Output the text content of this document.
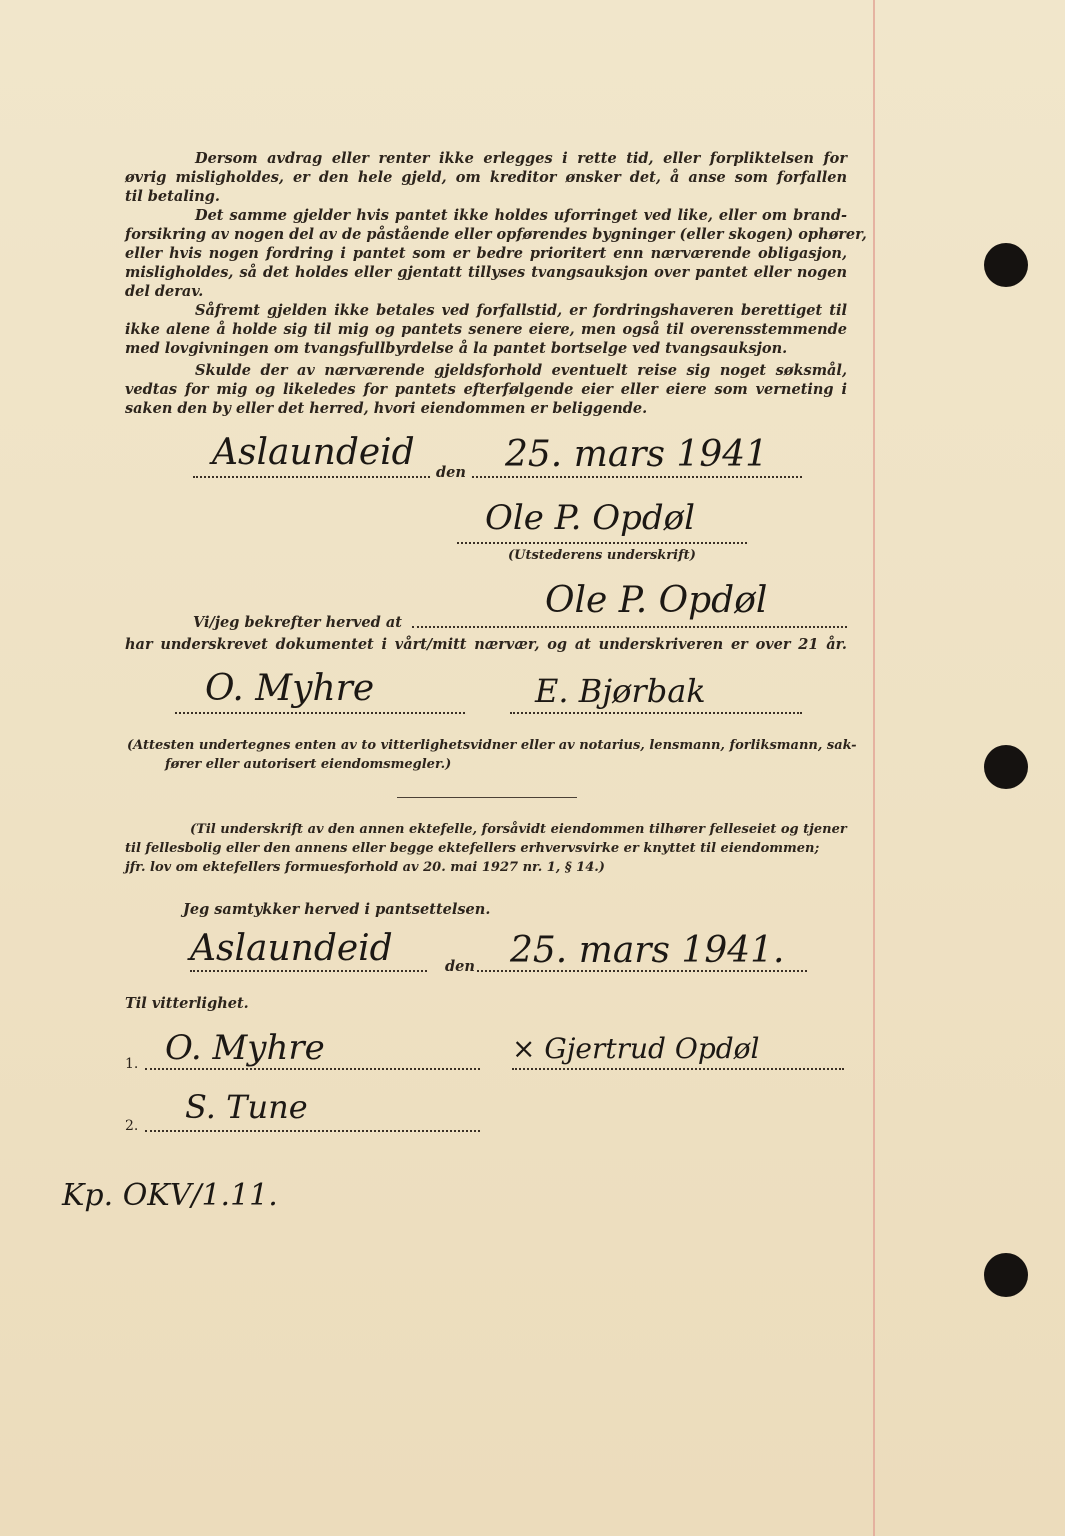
Dersom avdrag eller renter ikke erlegges i rette tid, eller forpliktelsen for
øvrig misligholdes, er den hele gjeld, om kreditor ønsker det, å anse som forfallen
til betaling.
Det samme gjelder hvis pantet ikke holdes uforringet ved like, eller om brand-
forsikring av nogen del av de påstående eller opførendes bygninger (eller skogen) ophører,
eller hvis nogen fordring i pantet som er bedre prioritert enn nærværende obligasjon,
misligholdes, så det holdes eller gjentatt tillyses tvangsauksjon over pantet eller nogen
del derav.
Såfremt gjelden ikke betales ved forfallstid, er fordringshaveren berettiget til
ikke alene å holde sig til mig og pantets senere eiere, men også til overensstemmende
med lovgivningen om tvangsfullbyrdelse å la pantet bortselge ved tvangsauksjon.
Skulde der av nærværende gjeldsforhold eventuelt reise sig noget søksmål,
vedtas for mig og likeledes for pantets efterfølgende eier eller eiere som verneting i
saken den by eller det herred, hvori eiendommen er beliggende.
Aslaundeid den 25. mars 1941
Ole P. Opdøl
(Utstederens underskrift)
Vi/jeg bekrefter herved at
Ole P. Opdøl
har underskrevet dokumentet i vårt/mitt nærvær, og at underskriveren er over 21 år.
O. Myhre	E. Bjørbak
(Attesten undertegnes enten av to vitterlighetsvidner eller av notarius, lensmann, forliksmann, sak-
fører eller autorisert eiendomsmegler.)
(Til underskrift av den annen ektefelle, forsåvidt eiendommen tilhører felleseiet og tjener
til fellesbolig eller den annens eller begge ektefellers erhvervsvirke er knyttet til eiendommen;
jfr. lov om ektefellers formuesforhold av 20. mai 1927 nr. 1, § 14.)
Jeg samtykker herved i pantsettelsen.
Aslaundeid	den 25. mars 1941.
Til vitterlighet.
1. O. Myhre	× Gjertrud Opdøl
2. S. Tune
Kp. OKV/1.11.
